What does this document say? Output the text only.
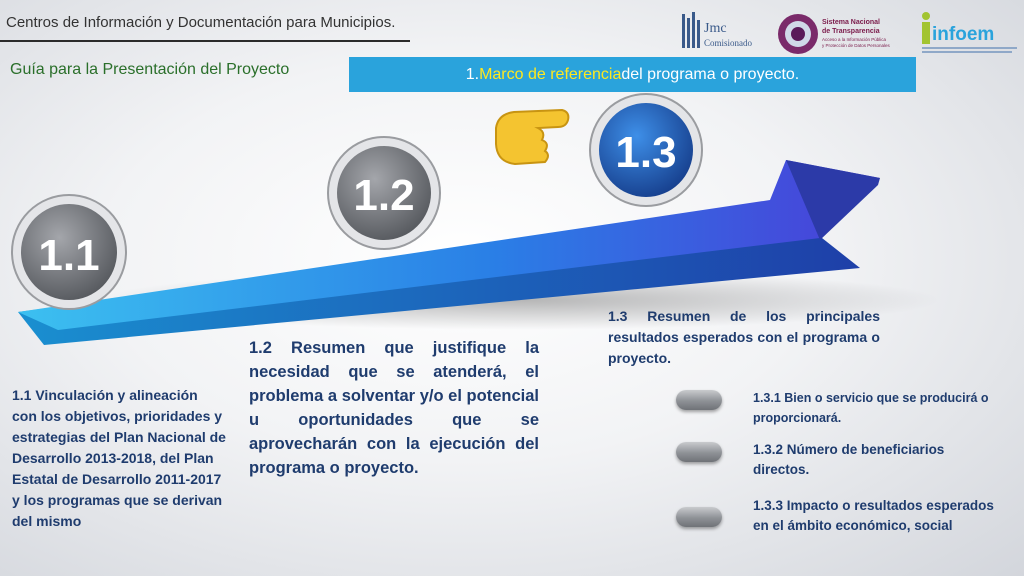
Centros de Información y Documentación para Municipios.	Jmc
Comisionado
Sistema Nacional
de Transparencia
Acceso a la Información Pública
y Protección de Datos Personales
infoem
Guía para la Presentación del Proyecto	1. Marco de referencia del programa o proyecto.
1.1
1.2
1.3
1.1 Vinculación y alineación con los objetivos, prioridades y estrategias del Plan Nacional de Desarrollo 2013-2018, del Plan Estatal de Desarrollo 2011-2017 y los programas que se derivan del mismo
1.2 Resumen que justifique la necesidad que se atenderá, el problema a solventar y/o el potencial u oportunidades que se aprovecharán con la ejecución del programa o proyecto.
1.3 Resumen de los principales resultados esperados con el programa o proyecto.
1.3.1 Bien o servicio que se producirá o proporcionará.
1.3.2 Número de beneficiarios directos.
1.3.3 Impacto o resultados esperados en el ámbito económico, social
